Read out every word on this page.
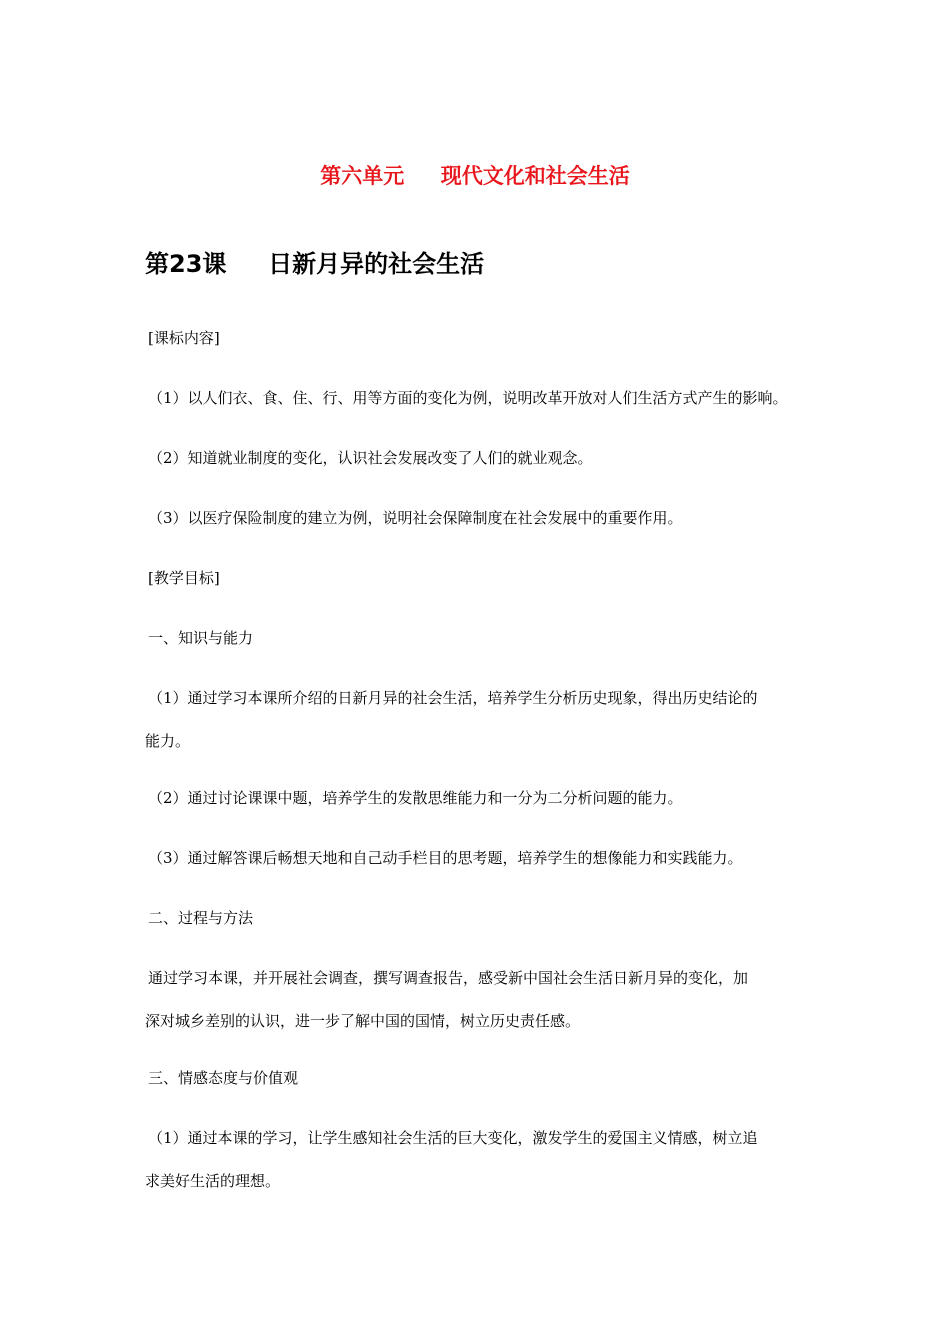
第六单元     现代文化和社会生活
第23课     日新月异的社会生活
[课标内容]
（1）以人们衣、食、住、行、用等方面的变化为例，说明改革开放对人们生活方式产生的影响。
（2）知道就业制度的变化，认识社会发展改变了人们的就业观念。
（3）以医疗保险制度的建立为例，说明社会保障制度在社会发展中的重要作用。
[教学目标]
一、知识与能力
（1）通过学习本课所介绍的日新月异的社会生活，培养学生分析历史现象，得出历史结论的
能力。
（2）通过讨论课课中题，培养学生的发散思维能力和一分为二分析问题的能力。
（3）通过解答课后畅想天地和自己动手栏目的思考题，培养学生的想像能力和实践能力。
二、过程与方法
通过学习本课，并开展社会调查，撰写调查报告，感受新中国社会生活日新月异的变化，加
深对城乡差别的认识，进一步了解中国的国情，树立历史责任感。
三、情感态度与价值观
（1）通过本课的学习，让学生感知社会生活的巨大变化，激发学生的爱国主义情感，树立追
求美好生活的理想。
